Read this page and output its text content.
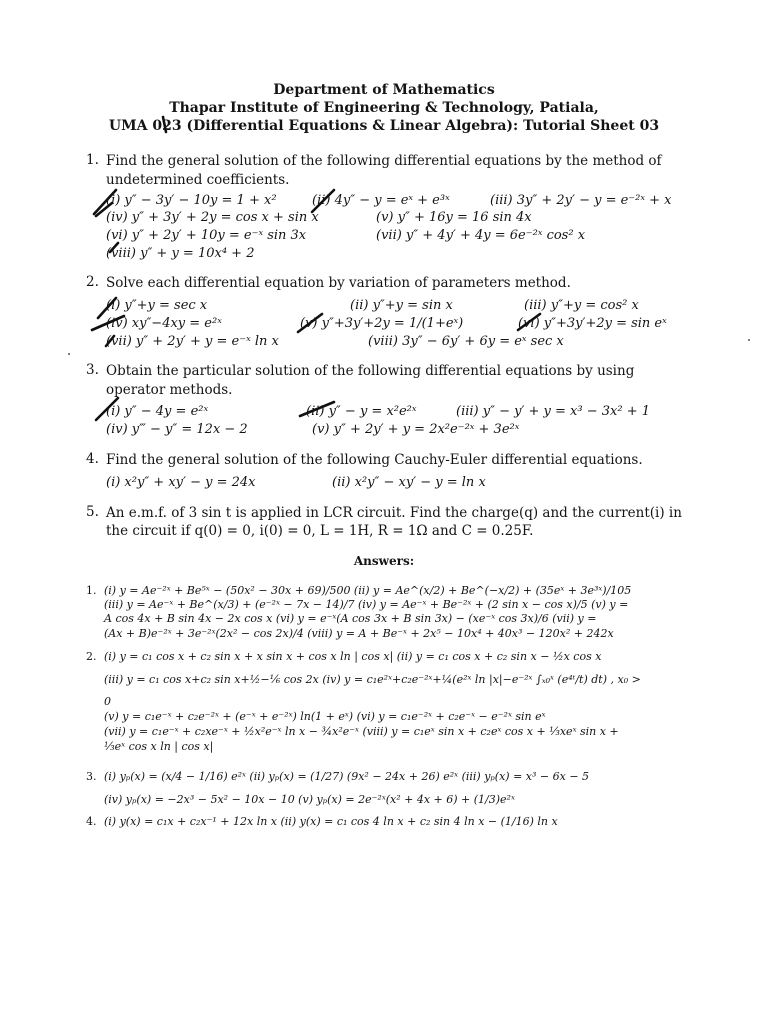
Department of Mathematics
Thapar Institute of Engineering & Technology, Patiala,
UMA 023 (Differential Equations & Linear Algebra): Tutorial Sheet 03
1. Find the general solution of the following differential equations by the method of undetermined coefficients.
(i) y″ − 3y′ − 10y = 1 + x²	(ii) 4y″ − y = eˣ + e³ˣ	(iii) 3y″ + 2y′ − y = e⁻²ˣ + x
(iv) y″ + 3y′ + 2y = cos x + sin x	(v) y″ + 16y = 16 sin 4x
(vi) y″ + 2y′ + 10y = e⁻ˣ sin 3x	(vii) y″ + 4y′ + 4y = 6e⁻²ˣ cos² x
(viii) y″ + y = 10x⁴ + 2
2. Solve each differential equation by variation of parameters method.
(i) y″+y = sec x	(ii) y″+y = sin x	(iii) y″+y = cos² x
(iv) xy″−4xy = e²ˣ	(v) y″+3y′+2y = 1/(1+eˣ)	(vi) y″+3y′+2y = sin eˣ
(vii) y″ + 2y′ + y = e⁻ˣ ln x	(viii) 3y″ − 6y′ + 6y = eˣ sec x
3. Obtain the particular solution of the following differential equations by using operator methods.
(i) y″ − 4y = e²ˣ	(ii) y″ − y = x²e²ˣ	(iii) y″ − y′ + y = x³ − 3x² + 1
(iv) y‴ − y″ = 12x − 2	(v) y″ + 2y′ + y = 2x²e⁻²ˣ + 3e²ˣ
4. Find the general solution of the following Cauchy-Euler differential equations.
(i) x²y″ + xy′ − y = 24x	(ii) x²y″ − xy′ − y = ln x
5. An e.m.f. of 3 sin t is applied in LCR circuit. Find the charge(q) and the current(i) in
the circuit if q(0) = 0, i(0) = 0, L = 1H, R = 1Ω and C = 0.25F.
Answers:
1. (i) y = Ae⁻²ˣ + Be⁵ˣ − (50x² − 30x + 69)/500 (ii) y = Ae^(x/2) + Be^(−x/2) + (35eˣ + 3e³ˣ)/105
(iii) y = Ae⁻ˣ + Be^(x/3) + (e⁻²ˣ − 7x − 14)/7 (iv) y = Ae⁻ˣ + Be⁻²ˣ + (2 sin x − cos x)/5 (v) y =
A cos 4x + B sin 4x − 2x cos x (vi) y = e⁻ˣ(A cos 3x + B sin 3x) − (xe⁻ˣ cos 3x)/6 (vii) y =
(Ax + B)e⁻²ˣ + 3e⁻²ˣ(2x² − cos 2x)/4 (viii) y = A + Be⁻ˣ + 2x⁵ − 10x⁴ + 40x³ − 120x² + 242x
2. (i) y = c₁ cos x + c₂ sin x + x sin x + cos x ln | cos x| (ii) y = c₁ cos x + c₂ sin x − ½x cos x
(iii) y = c₁ cos x+c₂ sin x+½−⅙ cos 2x (iv) y = c₁e²ˣ+c₂e⁻²ˣ+¼(e²ˣ ln |x|−e⁻²ˣ ∫ₓ₀ˣ (e⁴ᵗ/t) dt) , x₀ >
0
(v) y = c₁e⁻ˣ + c₂e⁻²ˣ + (e⁻ˣ + e⁻²ˣ) ln(1 + eˣ) (vi) y = c₁e⁻²ˣ + c₂e⁻ˣ − e⁻²ˣ sin eˣ
(vii) y = c₁e⁻ˣ + c₂xe⁻ˣ + ½x²e⁻ˣ ln x − ¾x²e⁻ˣ (viii) y = c₁eˣ sin x + c₂eˣ cos x + ⅓xeˣ sin x +
⅓eˣ cos x ln | cos x|
3. (i) yₚ(x) = (x/4 − 1/16) e²ˣ (ii) yₚ(x) = (1/27) (9x² − 24x + 26) e²ˣ (iii) yₚ(x) = x³ − 6x − 5
(iv) yₚ(x) = −2x³ − 5x² − 10x − 10 (v) yₚ(x) = 2e⁻²ˣ(x² + 4x + 6) + (1/3)e²ˣ
4. (i) y(x) = c₁x + c₂x⁻¹ + 12x ln x (ii) y(x) = c₁ cos 4 ln x + c₂ sin 4 ln x − (1/16) ln x
